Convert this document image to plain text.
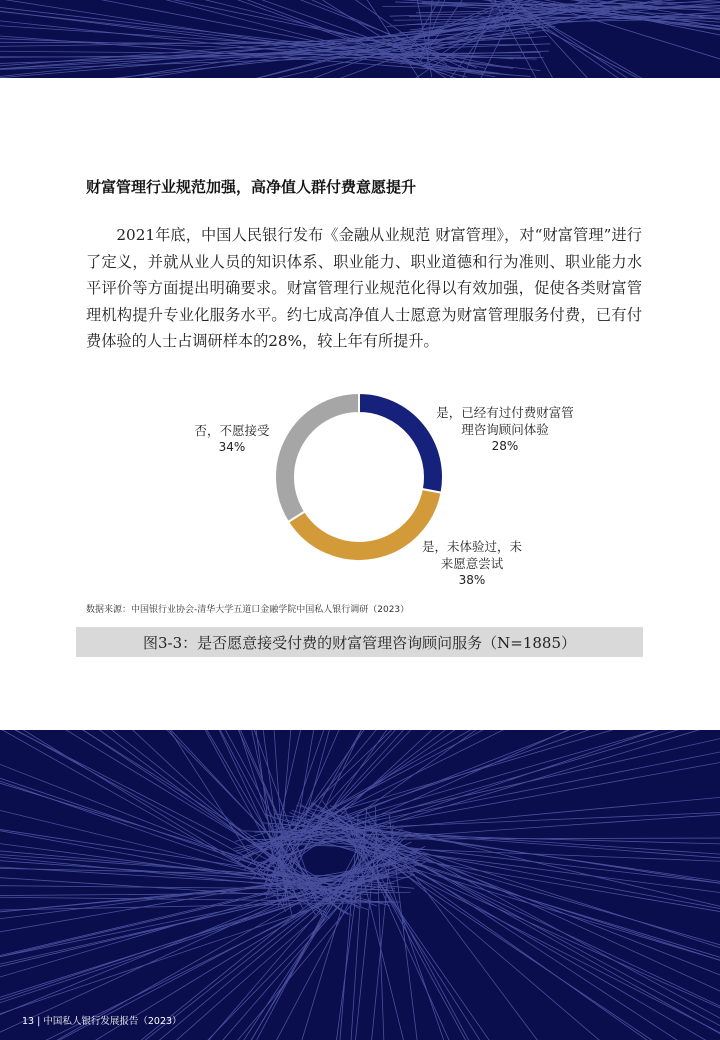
财富管理行业规范加强，高净值人群付费意愿提升

2021年底，中国人民银行发布《金融从业规范 财富管理》，对“财富管理”进行了定义，并就从业人员的知识体系、职业能力、职业道德和行为准则、职业能力水平评价等方面提出明确要求。财富管理行业规范化得以有效加强，促使各类财富管理机构提升专业化服务水平。约七成高净值人士愿意为财富管理服务付费，已有付费体验的人士占调研样本的28%，较上年有所提升。

是，已经有过付费财富管
理咨询顾问体验
28%
是，未体验过，未
来愿意尝试
38%
否，不愿接受
34%

数据来源：中国银行业协会-清华大学五道口金融学院中国私人银行调研（2023）

图3-3：是否愿意接受付费的财富管理咨询顾问服务（N=1885）
13 | 中国私人银行发展报告（2023）
